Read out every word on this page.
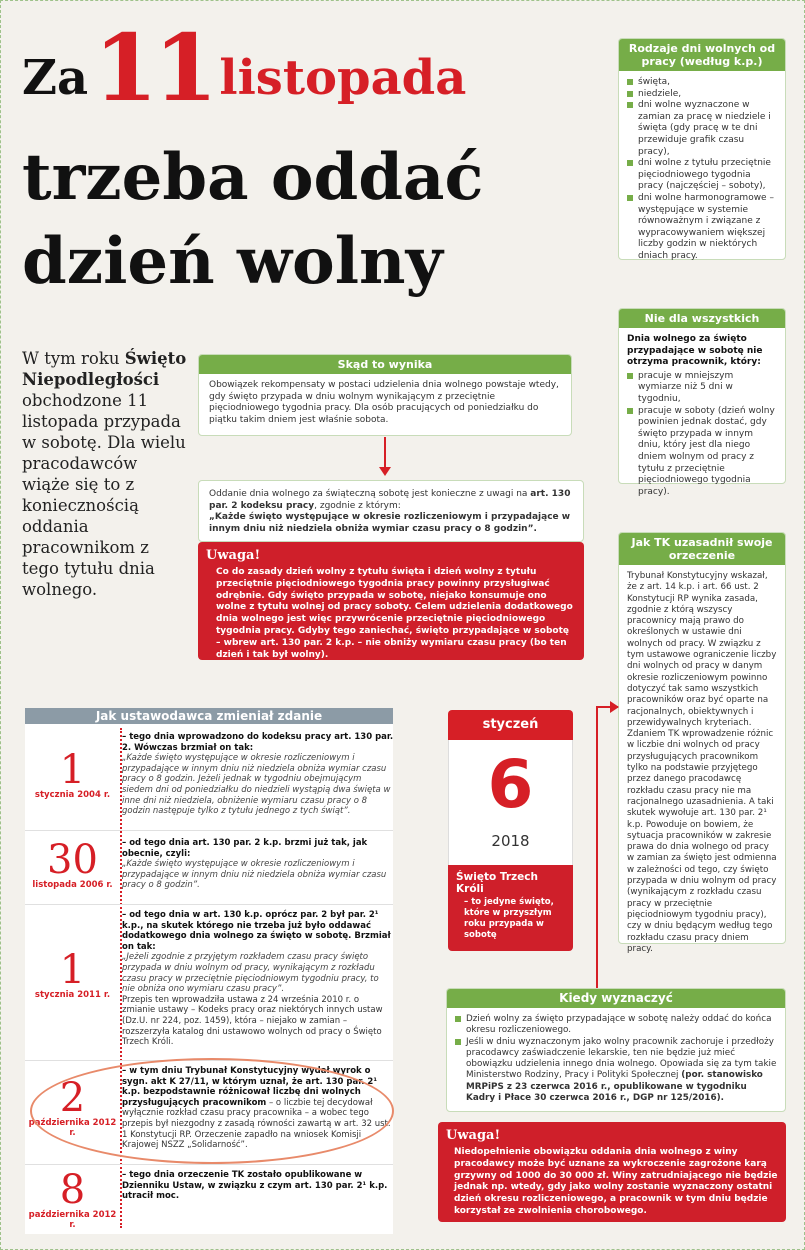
Za 11 listopada
trzeba oddać
dzień wolny
W tym roku Święto Niepodległości obchodzone 11 listopada przypada w sobotę. Dla wielu pracodawców wiąże się to z koniecznością oddania pracownikom z tego tytułu dnia wolnego.
Rodzaje dni wolnych od pracy (według k.p.)
święta,
niedziele,
dni wolne wyznaczone w zamian za pracę w niedziele i święta (gdy pracę w te dni przewiduje grafik czasu pracy),
dni wolne z tytułu przeciętnie pięciodniowego tygodnia pracy (najczęściej – soboty),
dni wolne harmonogramowe – występujące w systemie równoważnym i związane z wypracowywaniem większej liczby godzin w niektórych dniach pracy.
Nie dla wszystkich
Dnia wolnego za święto przypadające w sobotę nie otrzyma pracownik, który:
pracuje w mniejszym wymiarze niż 5 dni w tygodniu,
pracuje w soboty (dzień wolny powinien jednak dostać, gdy święto przypada w innym dniu, który jest dla niego dniem wolnym od pracy z tytułu z przeciętnie pięciodniowego tygodnia pracy).
Skąd to wynika
Obowiązek rekompensaty w postaci udzielenia dnia wolnego powstaje wtedy, gdy święto przypada w dniu wolnym wynikającym z przeciętnie pięciodniowego tygodnia pracy. Dla osób pracujących od poniedziałku do piątku takim dniem jest właśnie sobota.
Oddanie dnia wolnego za świąteczną sobotę jest konieczne z uwagi na art. 130 par. 2 kodeksu pracy, zgodnie z którym:
„Każde święto występujące w okresie rozliczeniowym i przypadające w innym dniu niż niedziela obniża wymiar czasu pracy o 8 godzin”.
Uwaga!
Co do zasady dzień wolny z tytułu święta i dzień wolny z tytułu przeciętnie pięciodniowego tygodnia pracy powinny przysługiwać odrębnie. Gdy święto przypada w sobotę, niejako konsumuje ono wolne z tytułu wolnej od pracy soboty. Celem udzielenia dodatkowego dnia wolnego jest więc przywrócenie przeciętnie pięciodniowego tygodnia pracy. Gdyby tego zaniechać, święto przypadające w sobotę – wbrew art. 130 par. 2 k.p. – nie obniży wymiaru czasu pracy (bo ten dzień i tak był wolny).
Jak TK uzasadnił swoje orzeczenie
Trybunał Konstytucyjny wskazał, że z art. 14 k.p. i art. 66 ust. 2 Konstytucji RP wynika zasada, zgodnie z którą wszyscy pracownicy mają prawo do określonych w ustawie dni wolnych od pracy. W związku z tym ustawowe ograniczenie liczby dni wolnych od pracy w danym okresie rozliczeniowym powinno dotyczyć tak samo wszystkich pracowników oraz być oparte na racjonalnych, obiektywnych i przewidywalnych kryteriach. Zdaniem TK wprowadzenie różnic w liczbie dni wolnych od pracy przysługujących pracownikom tylko na podstawie przyjętego przez danego pracodawcę rozkładu czasu pracy nie ma racjonalnego uzasadnienia. A taki skutek wywołuje art. 130 par. 2¹ k.p. Powoduje on bowiem, że sytuacja pracowników w zakresie prawa do dnia wolnego od pracy w zamian za święto jest odmienna w zależności od tego, czy święto przypada w dniu wolnym od pracy (wynikającym z rozkładu czasu pracy w przeciętnie pięciodniowym tygodniu pracy), czy w dniu będącym według tego rozkładu czasu pracy dniem pracy.
styczeń
6
2018
Święto Trzech Króli
– to jedyne święto, które w przyszłym roku przypada w sobotę
Jak ustawodawca zmieniał zdanie
1
stycznia 2004 r.
– tego dnia wprowadzono do kodeksu pracy art. 130 par. 2. Wówczas brzmiał on tak:
„Każde święto występujące w okresie rozliczeniowym i przypadające w innym dniu niż niedziela obniża wymiar czasu pracy o 8 godzin. Jeżeli jednak w tygodniu obejmującym siedem dni od poniedziałku do niedzieli wystąpią dwa święta w inne dni niż niedziela, obniżenie wymiaru czasu pracy o 8 godzin następuje tylko z tytułu jednego z tych świąt”.
30
listopada 2006 r.
– od tego dnia art. 130 par. 2 k.p. brzmi już tak, jak obecnie, czyli:
„Każde święto występujące w okresie rozliczeniowym i przypadające w innym dniu niż niedziela obniża wymiar czasu pracy o 8 godzin”.
1
stycznia 2011 r.
– od tego dnia w art. 130 k.p. oprócz par. 2 był par. 2¹ k.p., na skutek którego nie trzeba już było oddawać dodatkowego dnia wolnego za święto w sobotę. Brzmiał on tak:
„Jeżeli zgodnie z przyjętym rozkładem czasu pracy święto przypada w dniu wolnym od pracy, wynikającym z rozkładu czasu pracy w przeciętnie pięciodniowym tygodniu pracy, to nie obniża ono wymiaru czasu pracy”.
Przepis ten wprowadziła ustawa z 24 września 2010 r. o zmianie ustawy – Kodeks pracy oraz niektórych innych ustaw (Dz.U. nr 224, poz. 1459), która – niejako w zamian – rozszerzyła katalog dni ustawowo wolnych od pracy o Święto Trzech Króli.
2
października 2012 r.
– w tym dniu Trybunał Konstytucyjny wydał wyrok o sygn. akt K 27/11, w którym uznał, że art. 130 par. 2¹ k.p. bezpodstawnie różnicował liczbę dni wolnych przysługujących pracownikom – o liczbie tej decydował wyłącznie rozkład czasu pracy pracownika – a wobec tego przepis był niezgodny z zasadą równości zawartą w art. 32 ust. 1 Konstytucji RP. Orzeczenie zapadło na wniosek Komisji Krajowej NSZZ „Solidarność”.
8
października 2012 r.
– tego dnia orzeczenie TK zostało opublikowane w Dzienniku Ustaw, w związku z czym art. 130 par. 2¹ k.p. utracił moc.
Kiedy wyznaczyć
Dzień wolny za święto przypadające w sobotę należy oddać do końca okresu rozliczeniowego.
Jeśli w dniu wyznaczonym jako wolny pracownik zachoruje i przedłoży pracodawcy zaświadczenie lekarskie, ten nie będzie już mieć obowiązku udzielenia innego dnia wolnego. Opowiada się za tym takie Ministerstwo Rodziny, Pracy i Polityki Społecznej (por. stanowisko MRPiPS z 23 czerwca 2016 r., opublikowane w tygodniku Kadry i Płace 30 czerwca 2016 r., DGP nr 125/2016).
Uwaga!
Niedopełnienie obowiązku oddania dnia wolnego z winy pracodawcy może być uznane za wykroczenie zagrożone karą grzywny od 1000 do 30 000 zł. Winy zatrudniającego nie będzie jednak np. wtedy, gdy jako wolny zostanie wyznaczony ostatni dzień okresu rozliczeniowego, a pracownik w tym dniu będzie korzystał ze zwolnienia chorobowego.
